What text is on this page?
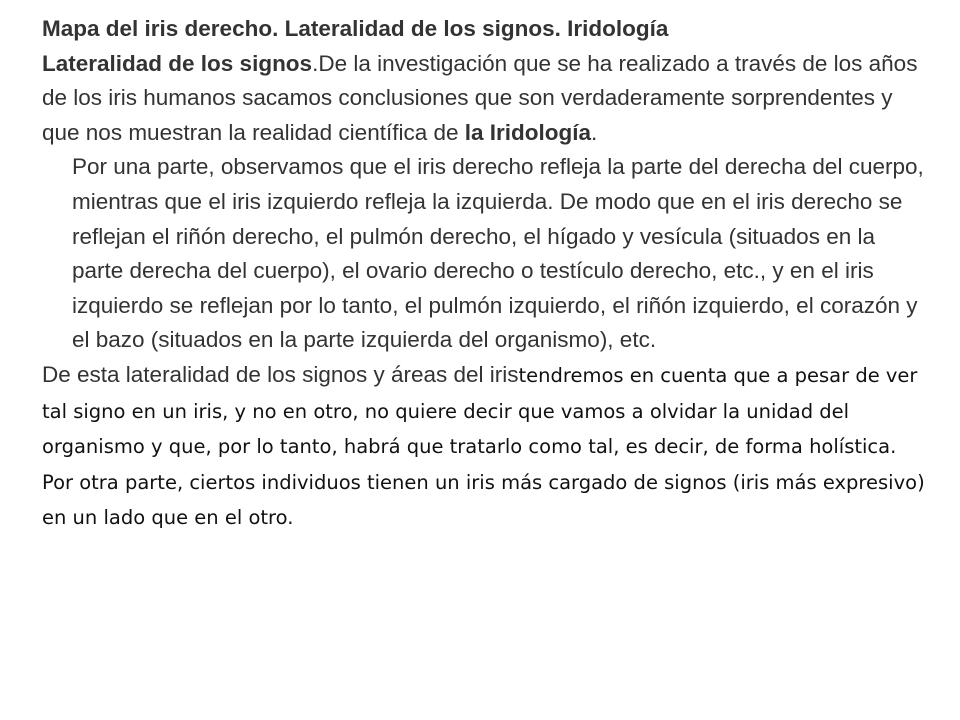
Mapa del iris derecho. Lateralidad de los signos. Iridología

Lateralidad de los signos.De la investigación que se ha realizado a través de los años de los iris humanos sacamos conclusiones que son verdaderamente sorprendentes y que nos muestran la realidad científica de la Iridología.

Por una parte, observamos que el iris derecho refleja la parte del derecha del cuerpo, mientras que el iris izquierdo refleja la izquierda. De modo que en el iris derecho se reflejan el riñón derecho, el pulmón derecho, el hígado y vesícula (situados en la parte derecha del cuerpo), el ovario derecho o testículo derecho, etc., y en el iris izquierdo se reflejan por lo tanto, el pulmón izquierdo, el riñón izquierdo, el corazón y el bazo (situados en la parte izquierda del organismo), etc.

De esta lateralidad de los signos y áreas del iristendremos en cuenta que a pesar de ver tal signo en un iris, y no en otro, no quiere decir que vamos a olvidar la unidad del organismo y que, por lo tanto, habrá que tratarlo como tal, es decir, de forma holística. Por otra parte, ciertos individuos tienen un iris más cargado de signos (iris más expresivo) en un lado que en el otro.
